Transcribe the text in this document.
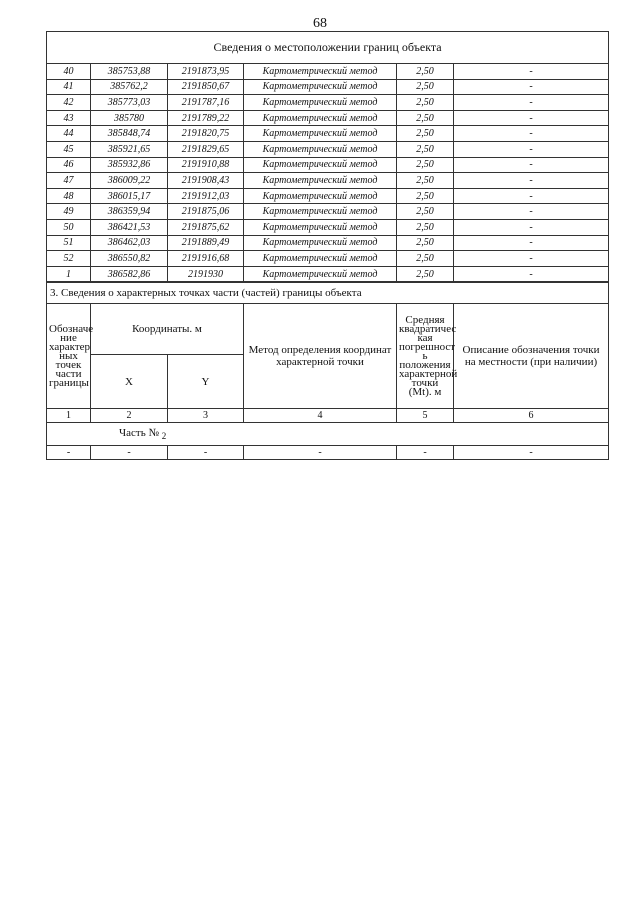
68
Сведения о местоположении границ объекта					
40	385753,88	2191873,95	Картометрический метод	2,50	-
41	385762,2	2191850,67	Картометрический метод	2,50	-
42	385773,03	2191787,16	Картометрический метод	2,50	-
43	385780	2191789,22	Картометрический метод	2,50	-
44	385848,74	2191820,75	Картометрический метод	2,50	-
45	385921,65	2191829,65	Картометрический метод	2,50	-
46	385932,86	2191910,88	Картометрический метод	2,50	-
47	386009,22	2191908,43	Картометрический метод	2,50	-
48	386015,17	2191912,03	Картометрический метод	2,50	-
49	386359,94	2191875,06	Картометрический метод	2,50	-
50	386421,53	2191875,62	Картометрический метод	2,50	-
51	386462,03	2191889,49	Картометрический метод	2,50	-
52	386550,82	2191916,68	Картометрический метод	2,50	-
1	386582,86	2191930	Картометрический метод	2,50	-
3. Сведения о характерных точках части (частей) границы объекта					
Обозначе ние характер ных точек части границы	Координаты. м		Метод определения координат характерной точки	Средняя квадратичес кая погрешност ь положения характерной точки (Mt). м	Описание обозначения точки на местности (при наличии)
	X	Y			
1	2	3	4	5	6
Часть № $_2$
-	-	-	-	-	-
